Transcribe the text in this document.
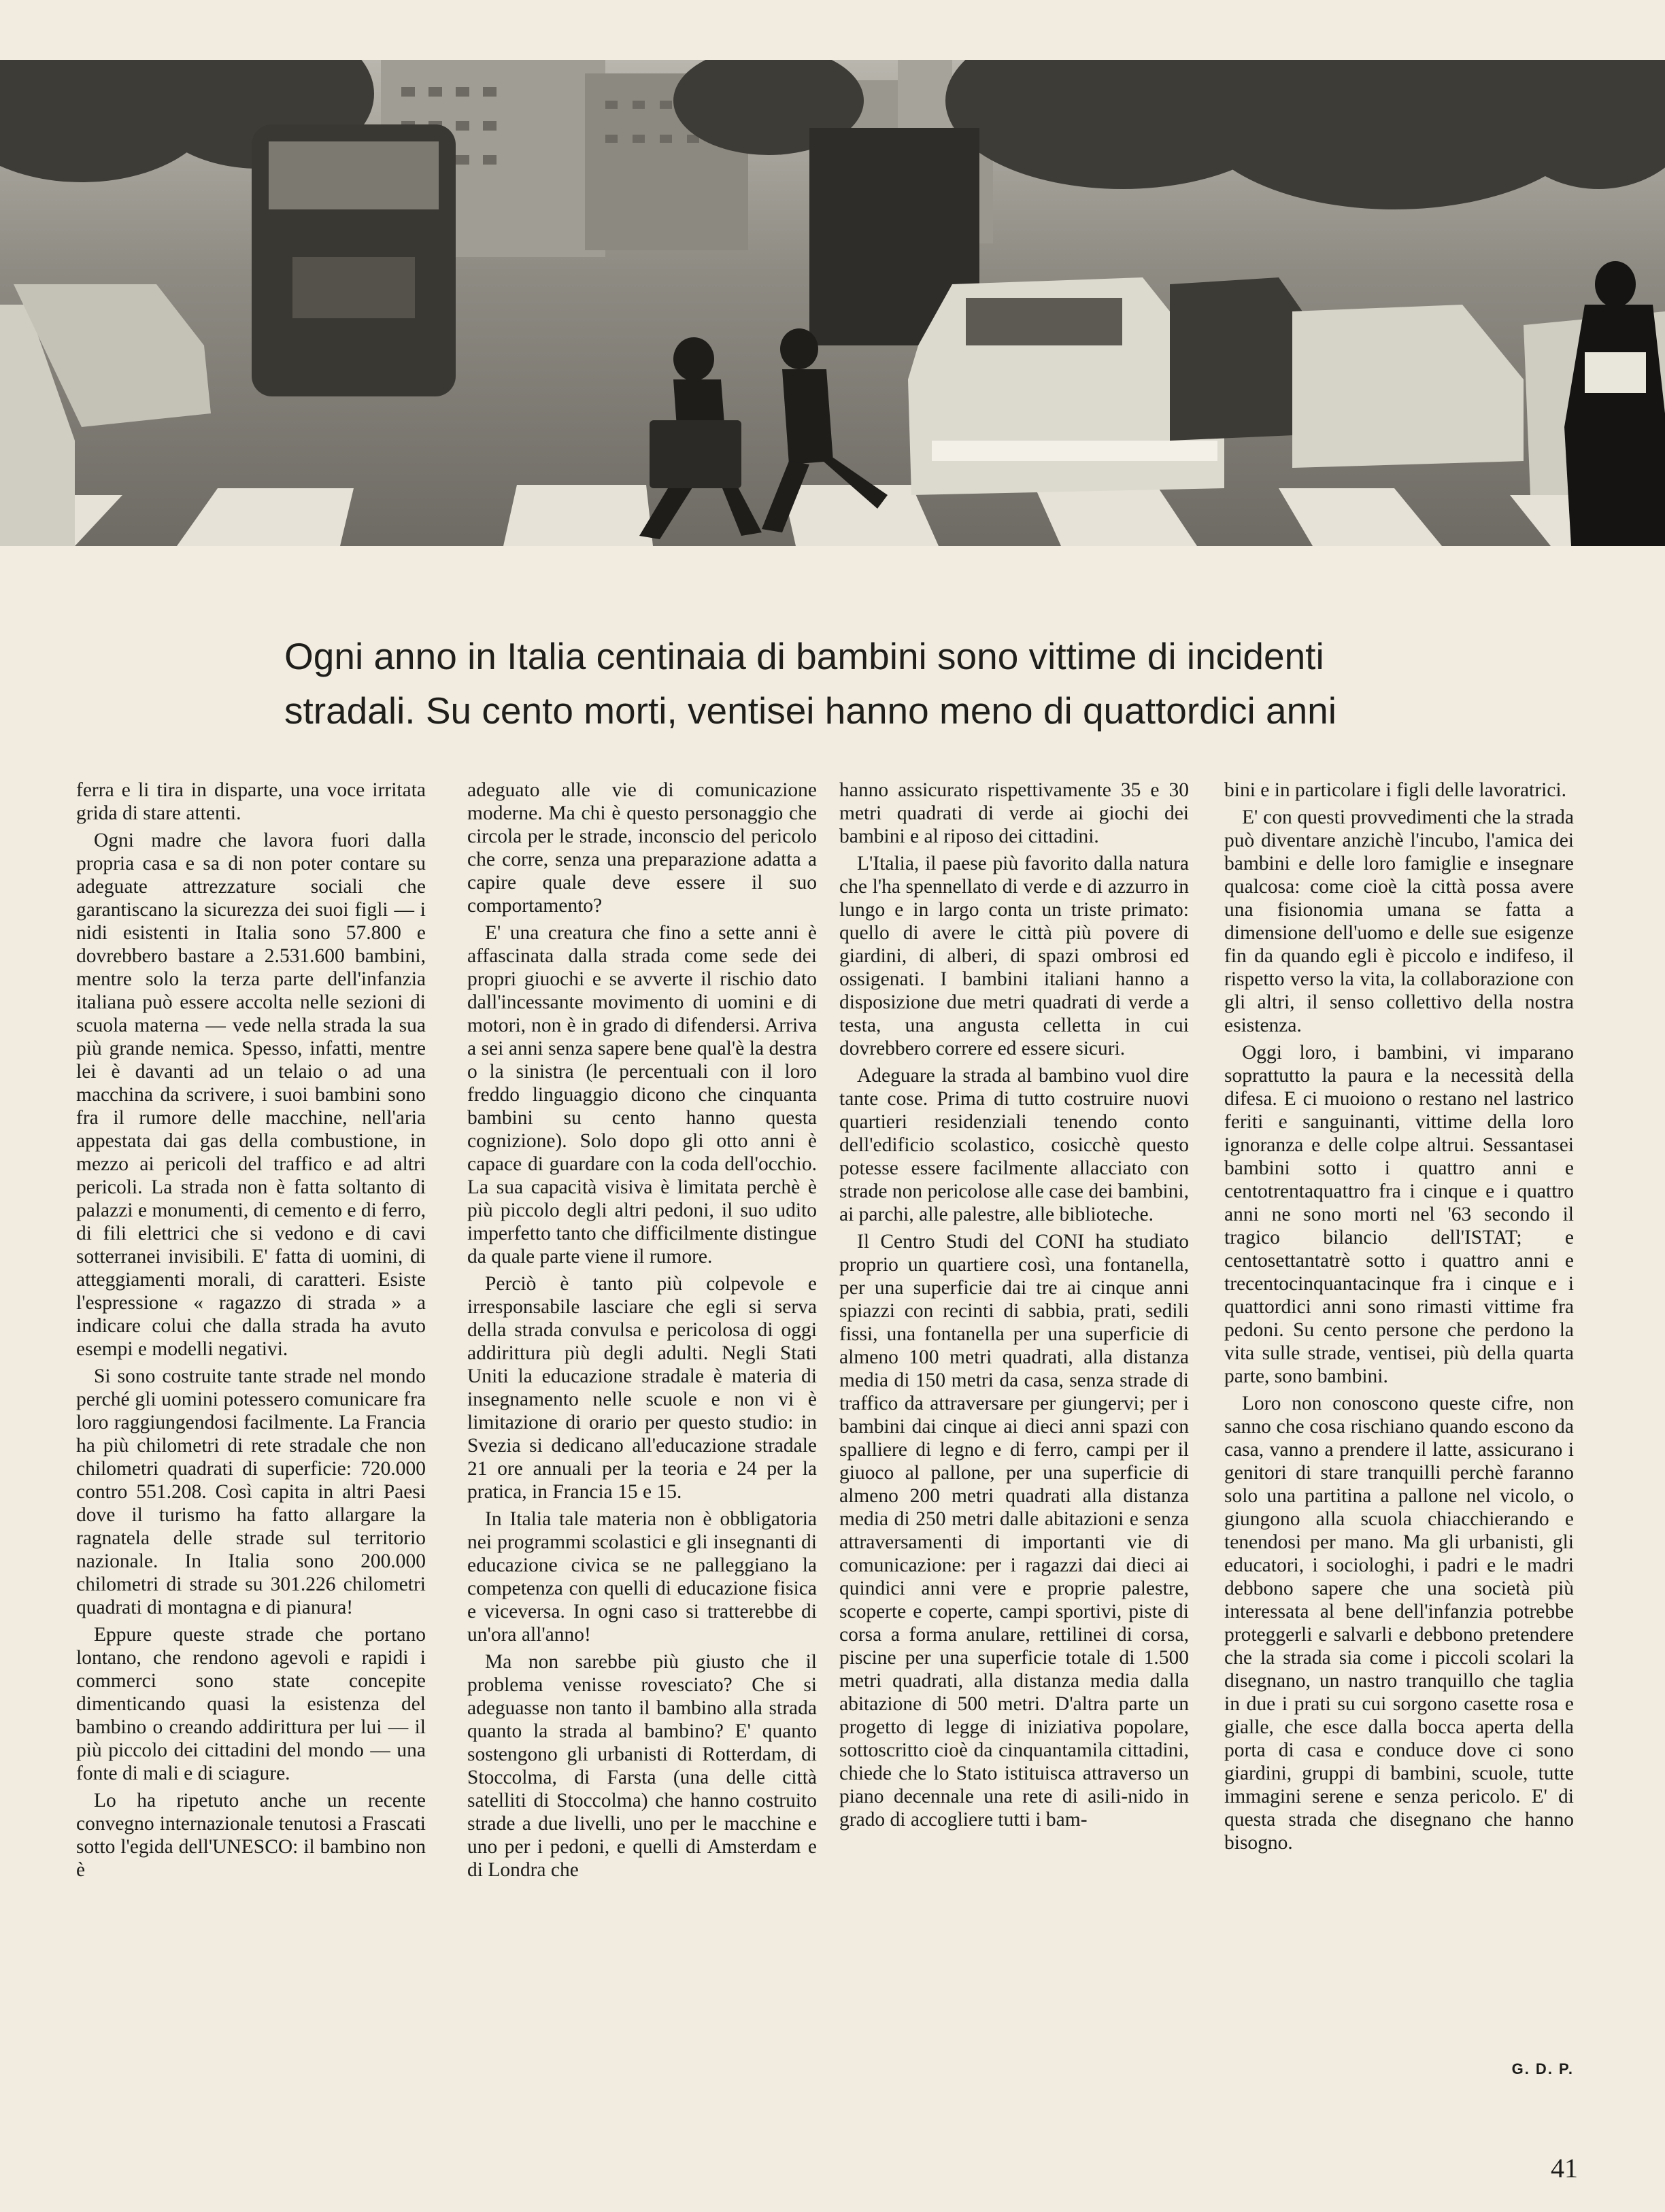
Ogni anno in Italia centinaia di bambini sono vittime di incidenti
stradali. Su cento morti, ventisei hanno meno di quattordici anni

ferra e li tira in disparte, una voce irritata grida di stare attenti.

Ogni madre che lavora fuori dalla propria casa e sa di non poter contare su adeguate attrezzature sociali che garantiscano la sicurezza dei suoi figli — i nidi esistenti in Italia sono 57.800 e dovrebbero bastare a 2.531.600 bambini, mentre solo la terza parte dell'infanzia italiana può essere accolta nelle sezioni di scuola materna — vede nella strada la sua più grande nemica. Spesso, infatti, mentre lei è davanti ad un telaio o ad una macchina da scrivere, i suoi bambini sono fra il rumore delle macchine, nell'aria appestata dai gas della combustione, in mezzo ai pericoli del traffico e ad altri pericoli. La strada non è fatta soltanto di palazzi e monumenti, di cemento e di ferro, di fili elettrici che si vedono e di cavi sotterranei invisibili. E' fatta di uomini, di atteggiamenti morali, di caratteri. Esiste l'espressione « ragazzo di strada » a indicare colui che dalla strada ha avuto esempi e modelli negativi.

Si sono costruite tante strade nel mondo perché gli uomini potessero comunicare fra loro raggiungendosi facilmente. La Francia ha più chilometri di rete stradale che non chilometri quadrati di superficie: 720.000 contro 551.208. Così capita in altri Paesi dove il turismo ha fatto allargare la ragnatela delle strade sul territorio nazionale. In Italia sono 200.000 chilometri di strade su 301.226 chilometri quadrati di montagna e di pianura!

Eppure queste strade che portano lontano, che rendono agevoli e rapidi i commerci sono state concepite dimenticando quasi la esistenza del bambino o creando addirittura per lui — il più piccolo dei cittadini del mondo — una fonte di mali e di sciagure.

Lo ha ripetuto anche un recente convegno internazionale tenutosi a Frascati sotto l'egida dell'UNESCO: il bambino non è

adeguato alle vie di comunicazione moderne. Ma chi è questo personaggio che circola per le strade, inconscio del pericolo che corre, senza una preparazione adatta a capire quale deve essere il suo comportamento?

E' una creatura che fino a sette anni è affascinata dalla strada come sede dei propri giuochi e se avverte il rischio dato dall'incessante movimento di uomini e di motori, non è in grado di difendersi. Arriva a sei anni senza sapere bene qual'è la destra o la sinistra (le percentuali con il loro freddo linguaggio dicono che cinquanta bambini su cento hanno questa cognizione). Solo dopo gli otto anni è capace di guardare con la coda dell'occhio. La sua capacità visiva è limitata perchè è più piccolo degli altri pedoni, il suo udito imperfetto tanto che difficilmente distingue da quale parte viene il rumore.

Perciò è tanto più colpevole e irresponsabile lasciare che egli si serva della strada convulsa e pericolosa di oggi addirittura più degli adulti. Negli Stati Uniti la educazione stradale è materia di insegnamento nelle scuole e non vi è limitazione di orario per questo studio: in Svezia si dedicano all'educazione stradale 21 ore annuali per la teoria e 24 per la pratica, in Francia 15 e 15.

In Italia tale materia non è obbligatoria nei programmi scolastici e gli insegnanti di educazione civica se ne palleggiano la competenza con quelli di educazione fisica e viceversa. In ogni caso si tratterebbe di un'ora all'anno!

Ma non sarebbe più giusto che il problema venisse rovesciato? Che si adeguasse non tanto il bambino alla strada quanto la strada al bambino? E' quanto sostengono gli urbanisti di Rotterdam, di Stoccolma, di Farsta (una delle città satelliti di Stoccolma) che hanno costruito strade a due livelli, uno per le macchine e uno per i pedoni, e quelli di Amsterdam e di Londra che

hanno assicurato rispettivamente 35 e 30 metri quadrati di verde ai giochi dei bambini e al riposo dei cittadini.

L'Italia, il paese più favorito dalla natura che l'ha spennellato di verde e di azzurro in lungo e in largo conta un triste primato: quello di avere le città più povere di giardini, di alberi, di spazi ombrosi ed ossigenati. I bambini italiani hanno a disposizione due metri quadrati di verde a testa, una angusta celletta in cui dovrebbero correre ed essere sicuri.

Adeguare la strada al bambino vuol dire tante cose. Prima di tutto costruire nuovi quartieri residenziali tenendo conto dell'edificio scolastico, cosicchè questo potesse essere facilmente allacciato con strade non pericolose alle case dei bambini, ai parchi, alle palestre, alle biblioteche.

Il Centro Studi del CONI ha studiato proprio un quartiere così, una fontanella, per una superficie dai tre ai cinque anni spiazzi con recinti di sabbia, prati, sedili fissi, una fontanella per una superficie di almeno 100 metri quadrati, alla distanza media di 150 metri da casa, senza strade di traffico da attraversare per giungervi; per i bambini dai cinque ai dieci anni spazi con spalliere di legno e di ferro, campi per il giuoco al pallone, per una superficie di almeno 200 metri quadrati alla distanza media di 250 metri dalle abitazioni e senza attraversamenti di importanti vie di comunicazione: per i ragazzi dai dieci ai quindici anni vere e proprie palestre, scoperte e coperte, campi sportivi, piste di corsa a forma anulare, rettilinei di corsa, piscine per una superficie totale di 1.500 metri quadrati, alla distanza media dalla abitazione di 500 metri. D'altra parte un progetto di legge di iniziativa popolare, sottoscritto cioè da cinquantamila cittadini, chiede che lo Stato istituisca attraverso un piano decennale una rete di asili-nido in grado di accogliere tutti i bam-

bini e in particolare i figli delle lavoratrici.

E' con questi provvedimenti che la strada può diventare anzichè l'incubo, l'amica dei bambini e delle loro famiglie e insegnare qualcosa: come cioè la città possa avere una fisionomia umana se fatta a dimensione dell'uomo e delle sue esigenze fin da quando egli è piccolo e indifeso, il rispetto verso la vita, la collaborazione con gli altri, il senso collettivo della nostra esistenza.

Oggi loro, i bambini, vi imparano soprattutto la paura e la necessità della difesa. E ci muoiono o restano nel lastrico feriti e sanguinanti, vittime della loro ignoranza e delle colpe altrui. Sessantasei bambini sotto i quattro anni e centotrentaquattro fra i cinque e i quattro anni ne sono morti nel '63 secondo il tragico bilancio dell'ISTAT; e centosettantatrè sotto i quattro anni e trecentocinquantacinque fra i cinque e i quattordici anni sono rimasti vittime fra pedoni. Su cento persone che perdono la vita sulle strade, ventisei, più della quarta parte, sono bambini.

Loro non conoscono queste cifre, non sanno che cosa rischiano quando escono da casa, vanno a prendere il latte, assicurano i genitori di stare tranquilli perchè faranno solo una partitina a pallone nel vicolo, o giungono alla scuola chiacchierando e tenendosi per mano. Ma gli urbanisti, gli educatori, i sociologhi, i padri e le madri debbono sapere che una società più interessata al bene dell'infanzia potrebbe proteggerli e salvarli e debbono pretendere che la strada sia come i piccoli scolari la disegnano, un nastro tranquillo che taglia in due i prati su cui sorgono casette rosa e gialle, che esce dalla bocca aperta della porta di casa e conduce dove ci sono giardini, gruppi di bambini, scuole, tutte immagini serene e senza pericolo. E' di questa strada che disegnano che hanno bisogno.

G. D. P.

41
